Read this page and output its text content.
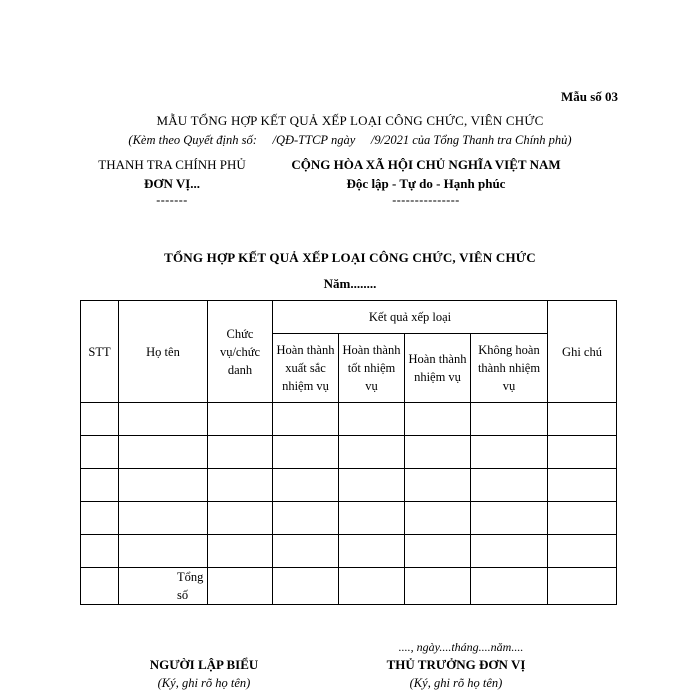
Mẫu số 03
MẪU TỔNG HỢP KẾT QUẢ XẾP LOẠI CÔNG CHỨC, VIÊN CHỨC
(Kèm theo Quyết định số:     /QĐ-TTCP ngày     /9/2021 của Tổng Thanh tra Chính phủ)
THANH TRA CHÍNH PHỦ
ĐƠN VỊ...
-------
CỘNG HÒA XÃ HỘI CHỦ NGHĨA VIỆT NAM
Độc lập - Tự do - Hạnh phúc
---------------
TỔNG HỢP KẾT QUẢ XẾP LOẠI CÔNG CHỨC, VIÊN CHỨC
Năm........
STT	Họ tên	Chức vụ/chức danh	Kết quả xếp loại				Ghi chú
			Hoàn thành xuất sắc nhiệm vụ	Hoàn thành tốt nhiệm vụ	Hoàn thành nhiệm vụ	Không hoàn thành nhiệm vụ	

	Tổng số						
...., ngày....tháng....năm....
NGƯỜI LẬP BIỂU
(Ký, ghi rõ họ tên)
THỦ TRƯỞNG ĐƠN VỊ
(Ký, ghi rõ họ tên)
